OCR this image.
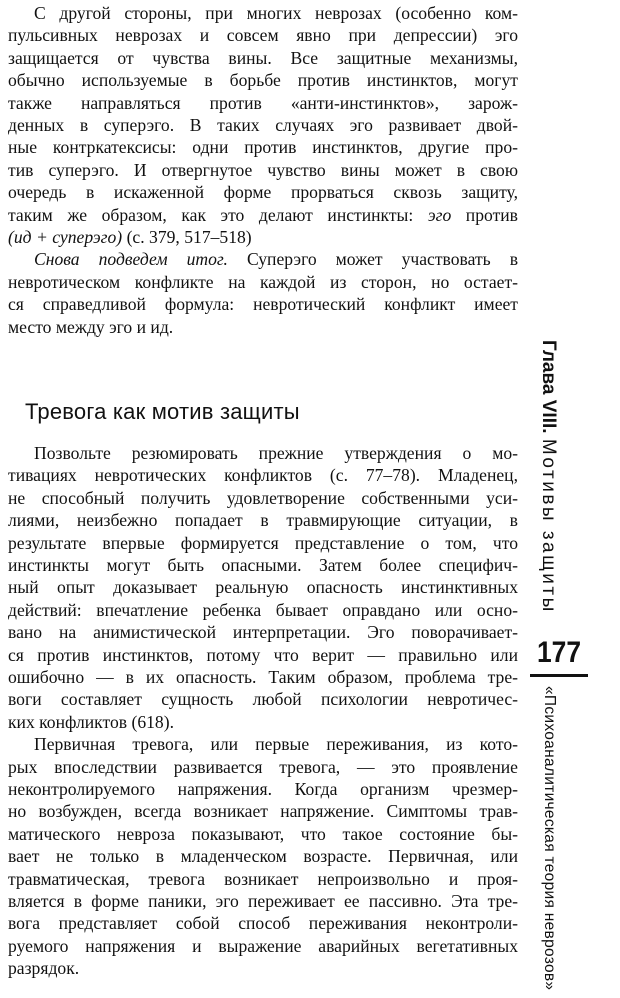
С другой стороны, при многих неврозах (особенно ком-
пульсивных неврозах и совсем явно при депрессии) эго
защищается от чувства вины. Все защитные механизмы,
обычно используемые в борьбе против инстинктов, могут
также направляться против «анти-инстинктов», зарож-
денных в суперэго. В таких случаях эго развивает двой-
ные контркатексисы: одни против инстинктов, другие про-
тив суперэго. И отвергнутое чувство вины может в свою
очередь в искаженной форме прорваться сквозь защиту,
таким же образом, как это делают инстинкты: эго против
(ид + суперэго) (с. 379, 517–518)
Снова подведем итог. Суперэго может участвовать в
невротическом конфликте на каждой из сторон, но остает-
ся справедливой формула: невротический конфликт имеет
место между эго и ид.
Позвольте резюмировать прежние утверждения о мо-
тивациях невротических конфликтов (с. 77–78). Младенец,
не способный получить удовлетворение собственными уси-
лиями, неизбежно попадает в травмирующие ситуации, в
результате впервые формируется представление о том, что
инстинкты могут быть опасными. Затем более специфич-
ный опыт доказывает реальную опасность инстинктивных
действий: впечатление ребенка бывает оправдано или осно-
вано на анимистической интерпретации. Эго поворачивает-
ся против инстинктов, потому что верит — правильно или
ошибочно — в их опасность. Таким образом, проблема тре-
воги составляет сущность любой психологии невротичес-
ких конфликтов (618).
Первичная тревога, или первые переживания, из кото-
рых впоследствии развивается тревога, — это проявление
неконтролируемого напряжения. Когда организм чрезмер-
но возбужден, всегда возникает напряжение. Симптомы трав-
матического невроза показывают, что такое состояние бы-
вает не только в младенческом возрасте. Первичная, или
травматическая, тревога возникает непроизвольно и проя-
вляется в форме паники, эго переживает ее пассивно. Эта тре-
вога представляет собой способ переживания неконтроли-
руемого напряжения и выражение аварийных вегетативных
разрядок.
Тревога как мотив защиты	Глава VIII. Мотивы защиты
177
«Психоаналитическая теория неврозов»
